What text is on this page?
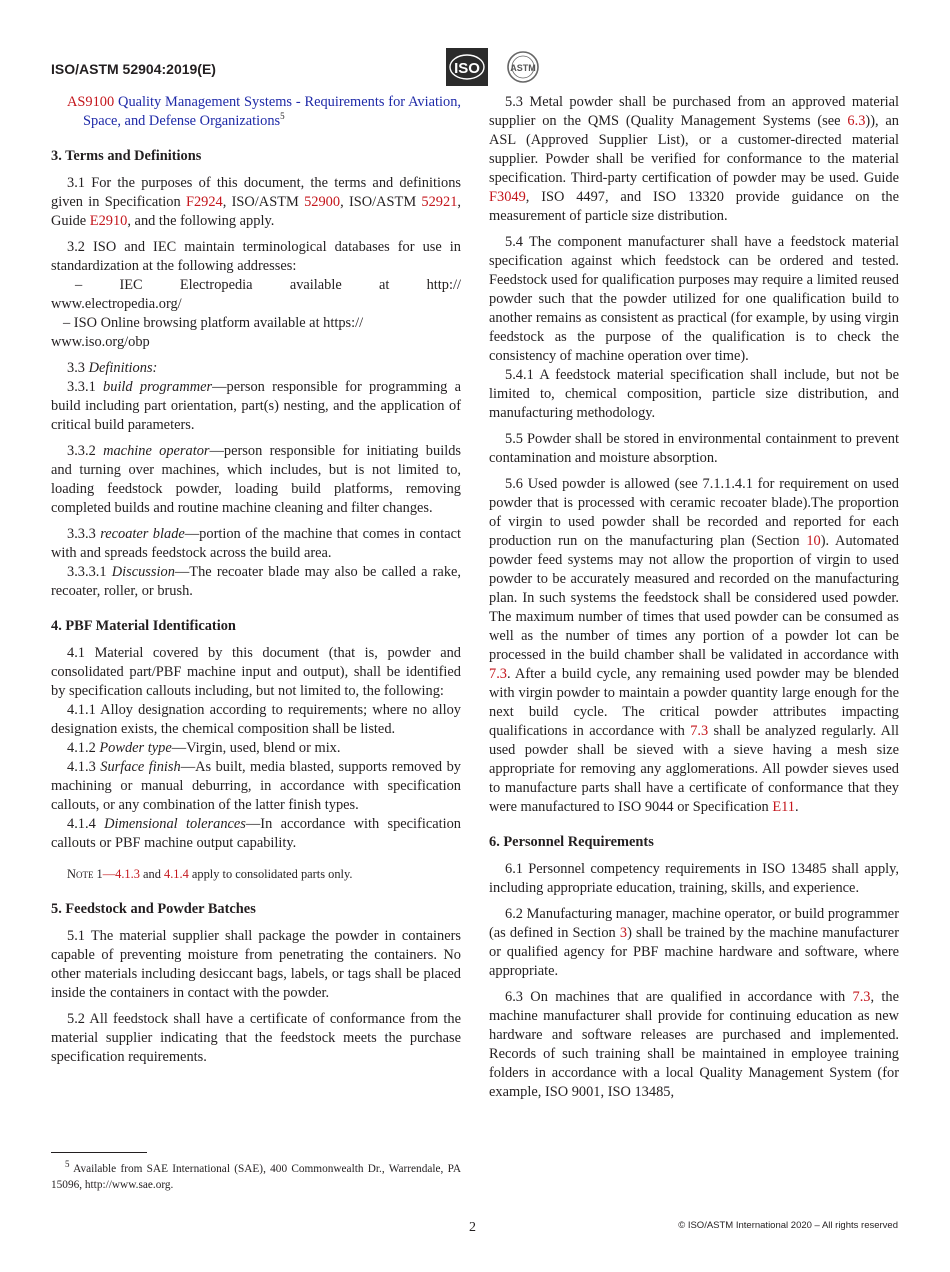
ISO/ASTM 52904:2019(E)	ISO	ASTM

AS9100 Quality Management Systems - Requirements for Aviation, Space, and Defense Organizations$^5$

3. Terms and Definitions

3.1 For the purposes of this document, the terms and definitions given in Specification F2924, ISO/ASTM 52900, ISO/ASTM 52921, Guide E2910, and the following apply.

3.2 ISO and IEC maintain terminological databases for use in standardization at the following addresses:

–	IEC	Electropedia	available	at	http://

www.electropedia.org/

– ISO Online browsing platform available at https://

www.iso.org/obp

3.3 Definitions:

3.3.1 build programmer—person responsible for programming a build including part orientation, part(s) nesting, and the application of critical build parameters.

3.3.2 machine operator—person responsible for initiating builds and turning over machines, which includes, but is not limited to, loading feedstock powder, loading build platforms, removing completed builds and routine machine cleaning and filter changes.

3.3.3 recoater blade—portion of the machine that comes in contact with and spreads feedstock across the build area.

3.3.3.1 Discussion—The recoater blade may also be called a rake, recoater, roller, or brush.

4. PBF Material Identification

4.1 Material covered by this document (that is, powder and consolidated part/PBF machine input and output), shall be identified by specification callouts including, but not limited to, the following:

4.1.1 Alloy designation according to requirements; where no alloy designation exists, the chemical composition shall be listed.

4.1.2 Powder type—Virgin, used, blend or mix.

4.1.3 Surface finish—As built, media blasted, supports removed by machining or manual deburring, in accordance with specification callouts, or any combination of the latter finish types.

4.1.4 Dimensional tolerances—In accordance with specification callouts or PBF machine output capability.

Note 1—4.1.3 and 4.1.4 apply to consolidated parts only.

5. Feedstock and Powder Batches

5.1 The material supplier shall package the powder in containers capable of preventing moisture from penetrating the containers. No other materials including desiccant bags, labels, or tags shall be placed inside the containers in contact with the powder.

5.2 All feedstock shall have a certificate of conformance from the material supplier indicating that the feedstock meets the purchase specification requirements.

$^5$ Available from SAE International (SAE), 400 Commonwealth Dr., Warrendale, PA 15096, http://www.sae.org.

5.3 Metal powder shall be purchased from an approved material supplier on the QMS (Quality Management Systems (see 6.3)), an ASL (Approved Supplier List), or a customer-directed material supplier. Powder shall be verified for conformance to the material specification. Third-party certification of powder may be used. Guide F3049, ISO 4497, and ISO 13320 provide guidance on the measurement of particle size distribution.

5.4 The component manufacturer shall have a feedstock material specification against which feedstock can be ordered and tested. Feedstock used for qualification purposes may require a limited reused powder such that the powder utilized for one qualification build to another remains as consistent as practical (for example, by using virgin feedstock as the purpose of the qualification is to check the consistency of machine operation over time).

5.4.1 A feedstock material specification shall include, but not be limited to, chemical composition, particle size distribution, and manufacturing methodology.

5.5 Powder shall be stored in environmental containment to prevent contamination and moisture absorption.

5.6 Used powder is allowed (see 7.1.1.4.1 for requirement on used powder that is processed with ceramic recoater blade).The proportion of virgin to used powder shall be recorded and reported for each production run on the manufacturing plan (Section 10). Automated powder feed systems may not allow the proportion of virgin to used powder to be accurately measured and recorded on the manufacturing plan. In such systems the feedstock shall be considered used powder. The maximum number of times that used powder can be consumed as well as the number of times any portion of a powder lot can be processed in the build chamber shall be validated in accordance with 7.3. After a build cycle, any remaining used powder may be blended with virgin powder to maintain a powder quantity large enough for the next build cycle. The critical powder attributes impacting qualifications in accordance with 7.3 shall be analyzed regularly. All used powder shall be sieved with a sieve having a mesh size appropriate for removing any agglomerations. All powder sieves used to manufacture parts shall have a certificate of conformance that they were manufactured to ISO 9044 or Specification E11.

6. Personnel Requirements

6.1 Personnel competency requirements in ISO 13485 shall apply, including appropriate education, training, skills, and experience.

6.2 Manufacturing manager, machine operator, or build programmer (as defined in Section 3) shall be trained by the machine manufacturer or qualified agency for PBF machine hardware and software, where appropriate.

6.3 On machines that are qualified in accordance with 7.3, the machine manufacturer shall provide for continuing education as new hardware and software releases are purchased and implemented. Records of such training shall be maintained in employee training folders in accordance with a local Quality Management System (for example, ISO 9001, ISO 13485,

2	© ISO/ASTM International 2020 – All rights reserved
